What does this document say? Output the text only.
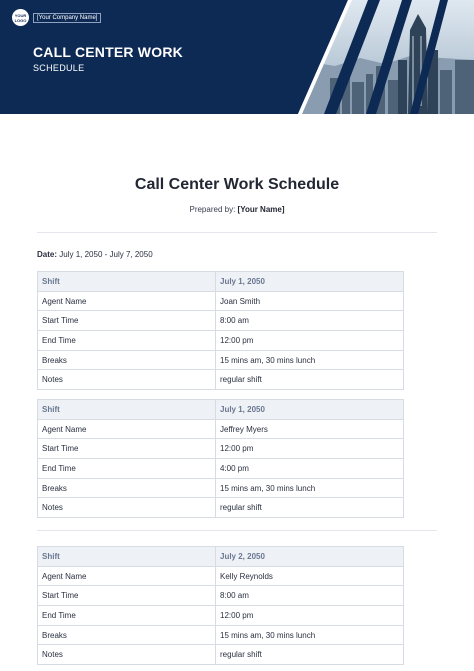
YOUR LOGO	[Your Company Name]
CALL CENTER WORK
SCHEDULE
Call Center Work Schedule
Prepared by: [Your Name]
Date: July 1, 2050 - July 7, 2050
Shift	July 1, 2050
Agent Name	Joan Smith
Start Time	8:00 am
End Time	12:00 pm
Breaks	15 mins am, 30 mins lunch
Notes	regular shift
Shift	July 1, 2050
Agent Name	Jeffrey Myers
Start Time	12:00 pm
End Time	4:00 pm
Breaks	15 mins am, 30 mins lunch
Notes	regular shift
Shift	July 2, 2050
Agent Name	Kelly Reynolds
Start Time	8:00 am
End Time	12:00 pm
Breaks	15 mins am, 30 mins lunch
Notes	regular shift
